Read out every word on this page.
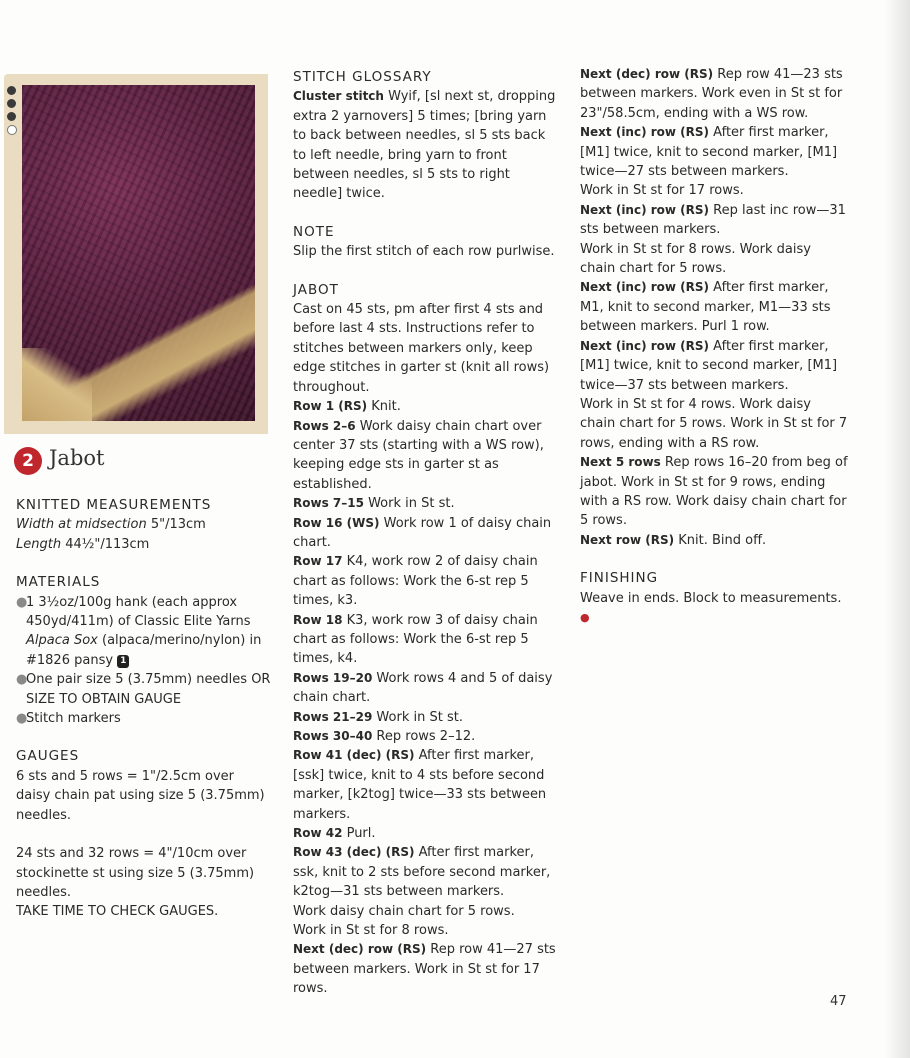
2 Jabot

KNITTED MEASUREMENTS

Width at midsection 5"/13cm

Length 44½"/113cm

MATERIALS

●
1 3½oz/100g hank (each approx 450yd/411m) of Classic Elite Yarns Alpaca Sox (alpaca/merino/nylon) in #1826 pansy 1
●
One pair size 5 (3.75mm) needles OR SIZE TO OBTAIN GAUGE
●
Stitch markers

GAUGES

6 sts and 5 rows = 1"/2.5cm over daisy chain pat using size 5 (3.75mm) needles.

24 sts and 32 rows = 4"/10cm over stockinette st using size 5 (3.75mm) needles.

TAKE TIME TO CHECK GAUGES.

STITCH GLOSSARY

Cluster stitch Wyif, [sl next st, dropping extra 2 yarnovers] 5 times; [bring yarn to back between needles, sl 5 sts back to left needle, bring yarn to front between needles, sl 5 sts to right needle] twice.

NOTE

Slip the first stitch of each row purlwise.

JABOT

Cast on 45 sts, pm after first 4 sts and before last 4 sts. Instructions refer to stitches between markers only, keep edge stitches in garter st (knit all rows) throughout.

Row 1 (RS) Knit.

Rows 2–6 Work daisy chain chart over center 37 sts (starting with a WS row), keeping edge sts in garter st as established.

Rows 7–15 Work in St st.

Row 16 (WS) Work row 1 of daisy chain chart.

Row 17 K4, work row 2 of daisy chain chart as follows: Work the 6-st rep 5 times, k3.

Row 18 K3, work row 3 of daisy chain chart as follows: Work the 6-st rep 5 times, k4.

Rows 19–20 Work rows 4 and 5 of daisy chain chart.

Rows 21–29 Work in St st.

Rows 30–40 Rep rows 2–12.

Row 41 (dec) (RS) After first marker, [ssk] twice, knit to 4 sts before second marker, [k2tog] twice—33 sts between markers.

Row 42 Purl.

Row 43 (dec) (RS) After first marker, ssk, knit to 2 sts before second marker, k2tog—31 sts between markers.

Work daisy chain chart for 5 rows.

Work in St st for 8 rows.

Next (dec) row (RS) Rep row 41—27 sts between markers. Work in St st for 17 rows.

Next (dec) row (RS) Rep row 41—23 sts between markers. Work even in St st for 23"/58.5cm, ending with a WS row.

Next (inc) row (RS) After first marker, [M1] twice, knit to second marker, [M1] twice—27 sts between markers.

Work in St st for 17 rows.

Next (inc) row (RS) Rep last inc row—31 sts between markers.

Work in St st for 8 rows. Work daisy chain chart for 5 rows.

Next (inc) row (RS) After first marker, M1, knit to second marker, M1—33 sts between markers. Purl 1 row.

Next (inc) row (RS) After first marker, [M1] twice, knit to second marker, [M1] twice—37 sts between markers.

Work in St st for 4 rows. Work daisy chain chart for 5 rows. Work in St st for 7 rows, ending with a RS row.

Next 5 rows Rep rows 16–20 from beg of jabot. Work in St st for 9 rows, ending with a RS row. Work daisy chain chart for 5 rows.

Next row (RS) Knit. Bind off.

FINISHING

Weave in ends. Block to measurements. ●

47
